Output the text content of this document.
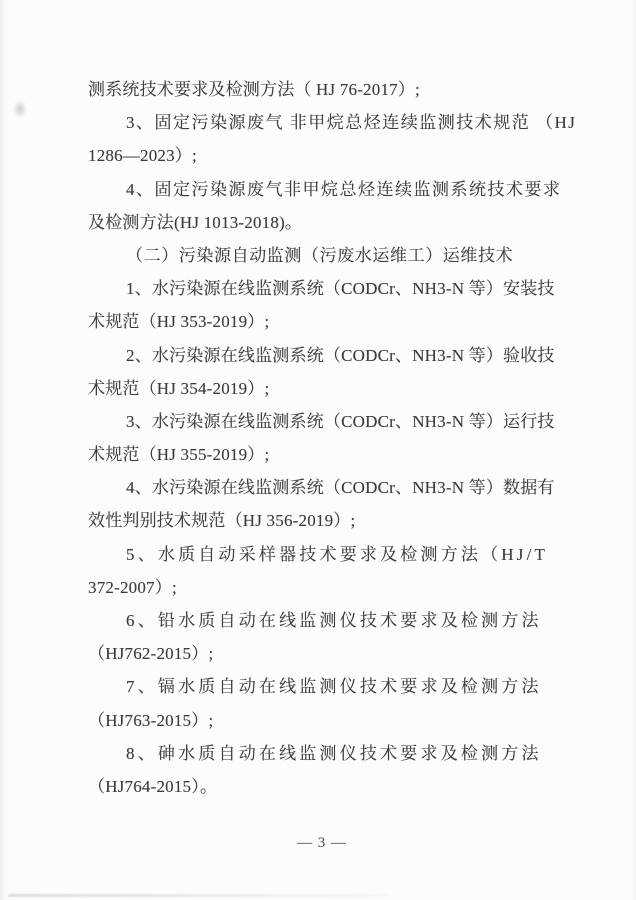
测系统技术要求及检测方法（ HJ 76-2017）;
3、固定污染源废气 非甲烷总烃连续监测技术规范 （HJ
1286—2023）;
4、固定污染源废气非甲烷总烃连续监测系统技术要求
及检测方法(HJ 1013-2018)。
（二）污染源自动监测（污废水运维工）运维技术
1、水污染源在线监测系统（CODCr、NH3-N 等）安装技
术规范（HJ 353-2019）;
2、水污染源在线监测系统（CODCr、NH3-N 等）验收技
术规范（HJ 354-2019）;
3、水污染源在线监测系统（CODCr、NH3-N 等）运行技
术规范（HJ 355-2019）;
4、水污染源在线监测系统（CODCr、NH3-N 等）数据有
效性判别技术规范（HJ 356-2019）;
5、水质自动采样器技术要求及检测方法（HJ/T
372-2007）;
6、铅水质自动在线监测仪技术要求及检测方法
（HJ762-2015）;
7、镉水质自动在线监测仪技术要求及检测方法
（HJ763-2015）;
8、砷水质自动在线监测仪技术要求及检测方法
（HJ764-2015）。
— 3 —
